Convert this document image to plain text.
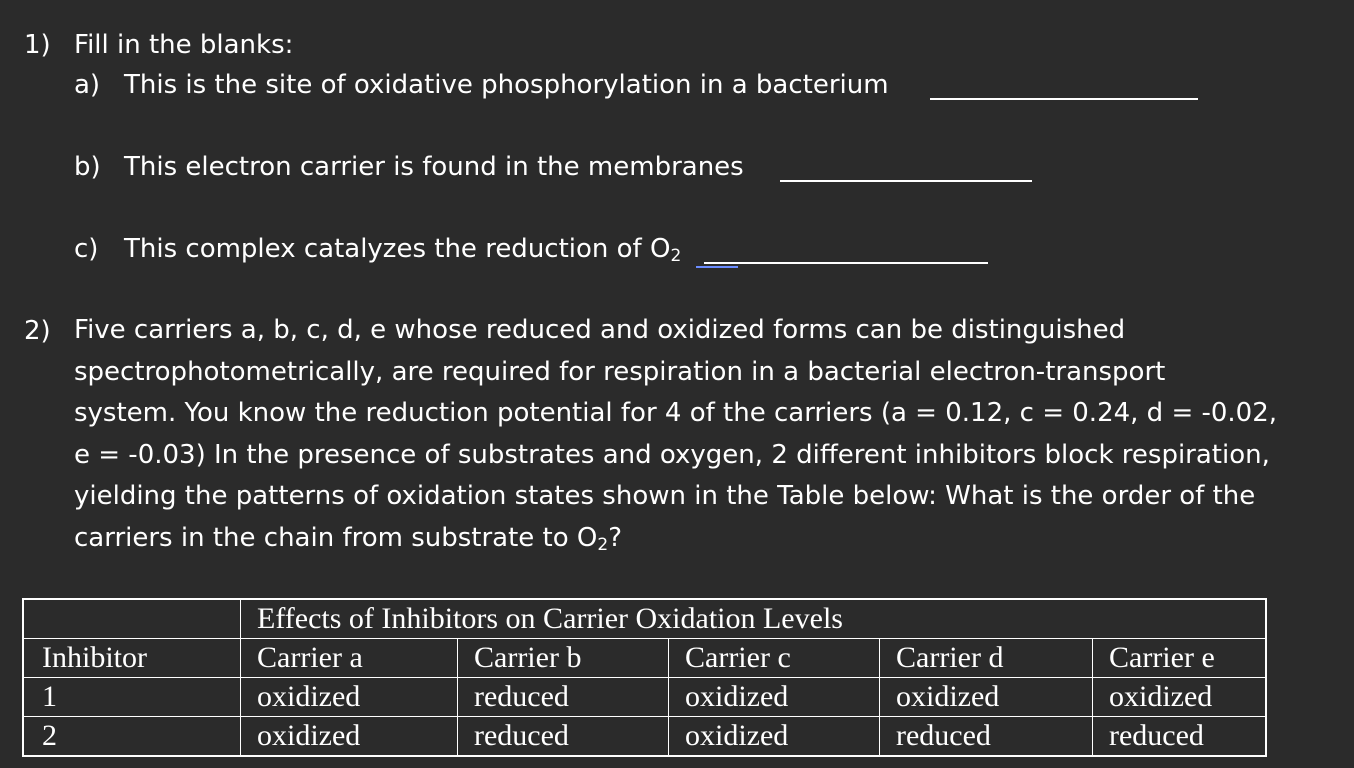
1) Fill in the blanks:
a) This is the site of oxidative phosphorylation in a bacterium
b) This electron carrier is found in the membranes
c) This complex catalyzes the reduction of $O_2$
2) Five carriers a, b, c, d, e whose reduced and oxidized forms can be distinguished
spectrophotometrically, are required for respiration in a bacterial electron-transport
system. You know the reduction potential for 4 of the carriers (a = 0.12, c = 0.24, d = -0.02,
e = -0.03) In the presence of substrates and oxygen, 2 different inhibitors block respiration,
yielding the patterns of oxidation states shown in the Table below: What is the order of the
carriers in the chain from substrate to $O_2$?
	Effects of Inhibitors on Carrier Oxidation Levels				
Inhibitor	Carrier a	Carrier b	Carrier c	Carrier d	Carrier e
1	oxidized	reduced	oxidized	oxidized	oxidized
2	oxidized	reduced	oxidized	reduced	reduced
